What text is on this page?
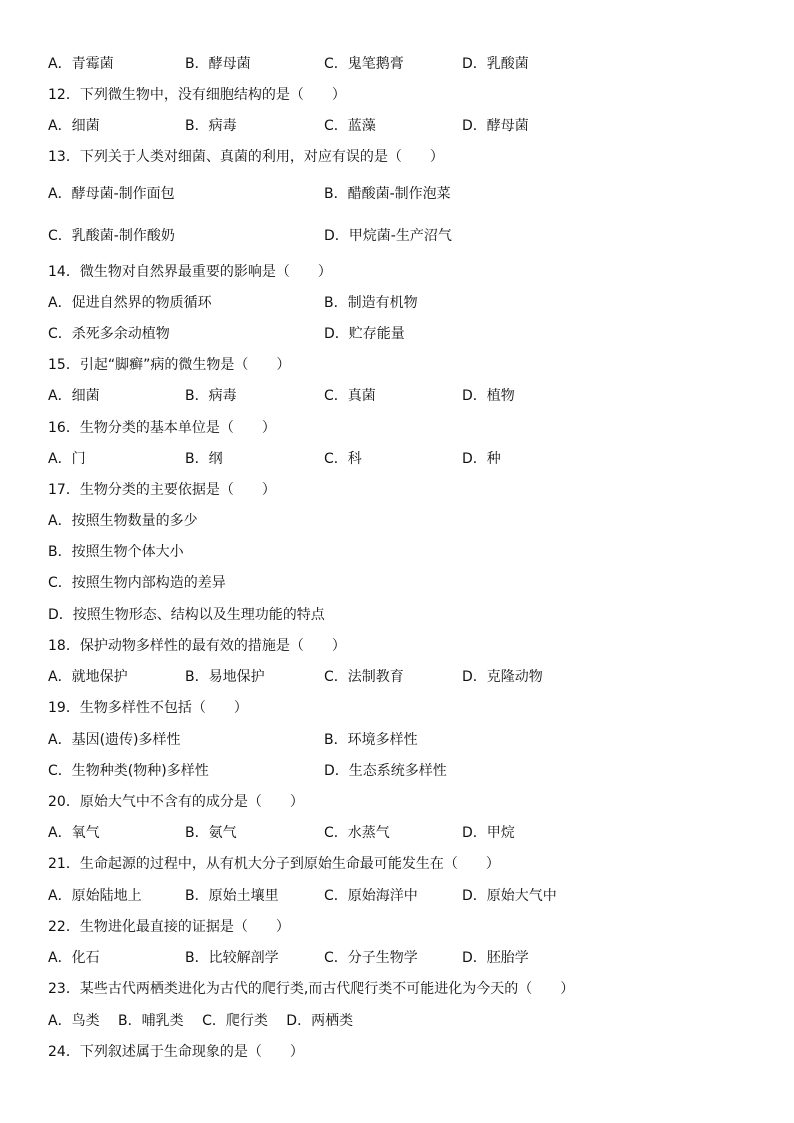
A．青霉菌	B．酵母菌	C．鬼笔鹅膏	D．乳酸菌
12．下列微生物中，没有细胞结构的是（　　）
A．细菌	B．病毒	C．蓝藻	D．酵母菌
13．下列关于人类对细菌、真菌的利用，对应有误的是（　　）
A．酵母菌-制作面包	B．醋酸菌-制作泡菜
C．乳酸菌-制作酸奶	D．甲烷菌-生产沼气
14．微生物对自然界最重要的影响是（　　）
A．促进自然界的物质循环	B．制造有机物
C．杀死多余动植物	D．贮存能量
15．引起“脚癣”病的微生物是（　　）
A．细菌	B．病毒	C．真菌	D．植物
16．生物分类的基本单位是（　　）
A．门	B．纲	C．科	D．种
17．生物分类的主要依据是（　　）
A．按照生物数量的多少
B．按照生物个体大小
C．按照生物内部构造的差异
D．按照生物形态、结构以及生理功能的特点
18．保护动物多样性的最有效的措施是（　　）
A．就地保护	B．易地保护	C．法制教育	D．克隆动物
19．生物多样性不包括（　　）
A．基因(遗传)多样性	B．环境多样性
C．生物种类(物种)多样性	D．生态系统多样性
20．原始大气中不含有的成分是（　　）
A．氧气	B．氨气	C．水蒸气	D．甲烷
21．生命起源的过程中，从有机大分子到原始生命最可能发生在（　　）
A．原始陆地上	B．原始土壤里	C．原始海洋中	D．原始大气中
22．生物进化最直接的证据是（　　）
A．化石	B．比较解剖学	C．分子生物学	D．胚胎学
23．某些古代两栖类进化为古代的爬行类,而古代爬行类不可能进化为今天的（　　）
A．鸟类　 B．哺乳类　 C．爬行类　 D．两栖类
24．下列叙述属于生命现象的是（　　）
